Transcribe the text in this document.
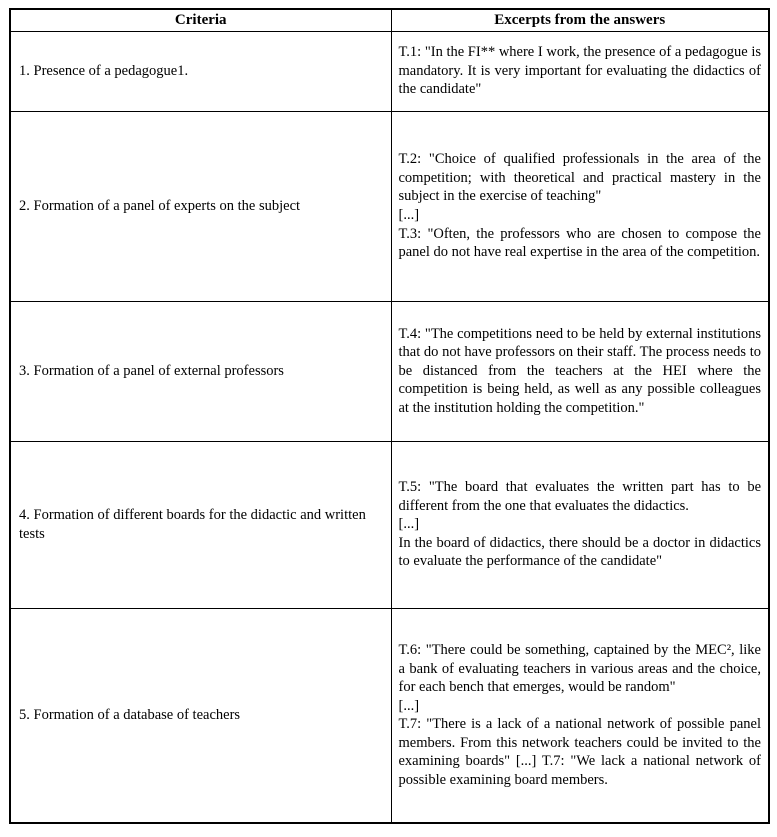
Criteria	Excerpts from the answers
1. Presence of a pedagogue1.	T.1: "In the FI** where I work, the presence of a pedagogue is mandatory. It is very important for evaluating the didactics of the candidate"

2. Formation of a panel of experts on the subject	T.2: "Choice of qualified professionals in the area of the competition; with theoretical and practical mastery in the subject in the exercise of teaching"
[...]
T.3: "Often, the professors who are chosen to compose the panel do not have real expertise in the area of the competition.

3. Formation of a panel of external professors	T.4: "The competitions need to be held by external institutions that do not have professors on their staff. The process needs to be distanced from the teachers at the HEI where the competition is being held, as well as any possible colleagues at the institution holding the competition."

4. Formation of different boards for the didactic and written tests	T.5: "The board that evaluates the written part has to be different from the one that evaluates the didactics.
[...]
In the board of didactics, there should be a doctor in didactics to evaluate the performance of the candidate"

5. Formation of a database of teachers	T.6: "There could be something, captained by the MEC², like a bank of evaluating teachers in various areas and the choice, for each bench that emerges, would be random"
[...]
T.7: "There is a lack of a national network of possible panel members. From this network teachers could be invited to the examining boards" [...] T.7: "We lack a national network of possible examining board members.
